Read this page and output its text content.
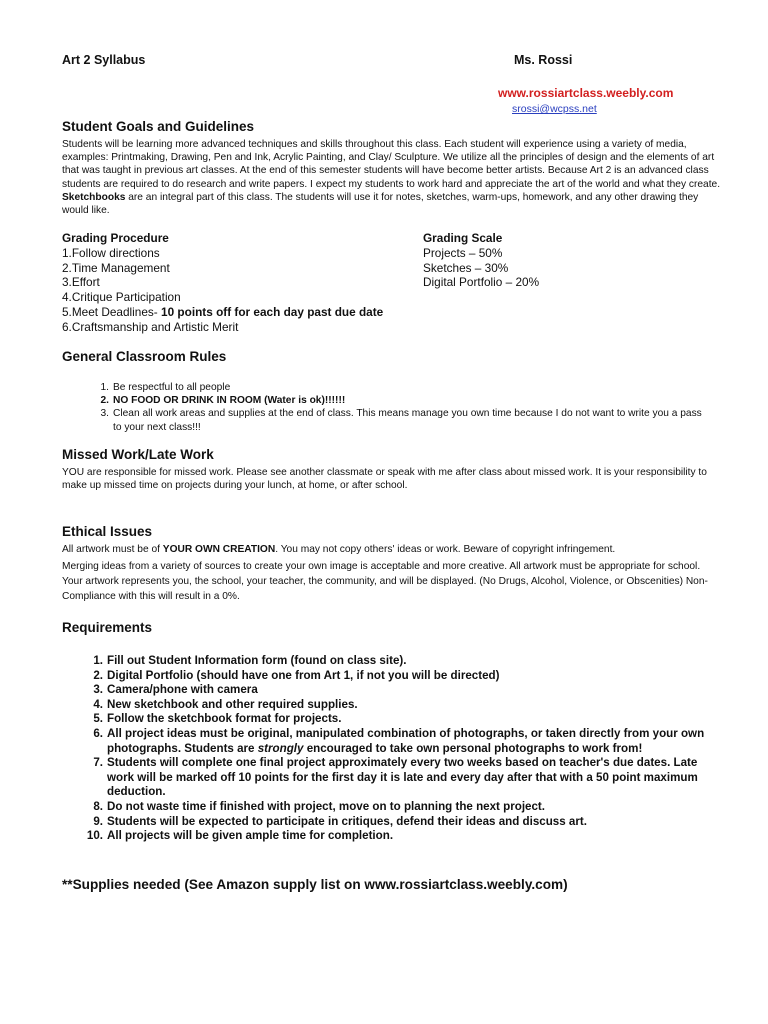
Art 2 Syllabus	Ms. Rossi
www.rossiartclass.weebly.com
srossi@wcpss.net
Student Goals and Guidelines

Students will be learning more advanced techniques and skills throughout this class. Each student will experience using a variety of media, examples: Printmaking, Drawing, Pen and Ink, Acrylic Painting, and Clay/ Sculpture. We utilize all the principles of design and the elements of art that was taught in previous art classes. At the end of this semester students will have become better artists. Because Art 2 is an advanced class students are required to do research and write papers. I expect my students to work hard and appreciate the art of the world and what they create. Sketchbooks are an integral part of this class. The students will use it for notes, sketches, warm-ups, homework, and any other drawing they would like.

Grading Procedure
1.Follow directions
2.Time Management
3.Effort
4.Critique Participation
5.Meet Deadlines- 10 points off for each day past due date
6.Craftsmanship and Artistic Merit
Grading Scale
Projects – 50%
Sketches – 30%
Digital Portfolio – 20%
General Classroom Rules
1. Be respectful to all people
2. NO FOOD OR DRINK IN ROOM (Water is ok)!!!!!!
3. Clean all work areas and supplies at the end of class. This means manage you own time because I do not want to write you a pass to your next class!!!
Missed Work/Late Work

YOU are responsible for missed work. Please see another classmate or speak with me after class about missed work. It is your responsibility to make up missed time on projects during your lunch, at home, or after school.

Ethical Issues

All artwork must be of YOUR OWN CREATION. You may not copy others' ideas or work. Beware of copyright infringement.

Merging ideas from a variety of sources to create your own image is acceptable and more creative. All artwork must be appropriate for school. Your artwork represents you, the school, your teacher, the community, and will be displayed. (No Drugs, Alcohol, Violence, or Obscenities) Non-Compliance with this will result in a 0%.

Requirements
1. Fill out Student Information form (found on class site).
2. Digital Portfolio (should have one from Art 1, if not you will be directed)
3. Camera/phone with camera
4. New sketchbook and other required supplies.
5. Follow the sketchbook format for projects.
6. All project ideas must be original, manipulated combination of photographs, or taken directly from your own photographs. Students are strongly encouraged to take own personal photographs to work from!
7. Students will complete one final project approximately every two weeks based on teacher's due dates. Late work will be marked off 10 points for the first day it is late and every day after that with a 50 point maximum deduction.
8. Do not waste time if finished with project, move on to planning the next project.
9. Students will be expected to participate in critiques, defend their ideas and discuss art.
10. All projects will be given ample time for completion.
**Supplies needed (See Amazon supply list on www.rossiartclass.weebly.com)
